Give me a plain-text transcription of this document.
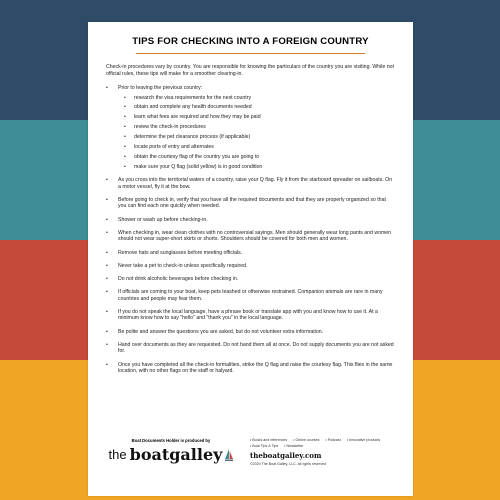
TIPS FOR CHECKING INTO A FOREIGN COUNTRY

Check-in procedures vary by country. You are responsible for knowing the particulars of the country you are visiting. While not official rules, these tips will make for a smoother clearing-in.

• Prior to leaving the previous country:
• research the visa requirements for the next country
• obtain and complete any health documents needed
• learn what fees are required and how they may be paid
• review the check-in procedures
• determine the pet clearance process (if applicable)
• locate ports of entry and alternates
• obtain the courtesy flag of the country you are going to
• make sure your Q flag (solid yellow) is in good condition
• As you cross into the territorial waters of a country, raise your Q flag. Fly it from the starboard spreader on sailboats. On a motor vessel, fly it at the bow.
• Before going to check in, verify that you have all the required documents and that they are properly organized so that you can find each one quickly when needed.
• Shower or wash up before checking-in.
• When checking in, wear clean clothes with no controversial sayings. Men should generally wear long pants and women should not wear super-short skirts or shorts. Shoulders should be covered for both men and women.
• Remove hats and sunglasses before meeting officials.
• Never take a pet to check-in unless specifically required.
• Do not drink alcoholic beverages before checking in.
• If officials are coming to your boat, keep pets leashed or otherwise restrained. Companion animals are rare in many countries and people may fear them.
• If you do not speak the local language, have a phrase book or translate app with you and know how to use it. At a minimum know how to say "hello" and "thank you" in the local language.
• Be polite and answer the questions you are asked, but do not volunteer extra information.
• Hand over documents as they are requested. Do not hand them all at once. Do not supply documents you are not asked for.
• Once you have completed all the check-in formalities, strike the Q flag and raise the courtesy flag. This flies in the same location, with no other flags on the staff or halyard.

Boat Documents Holder is produced by

the boatgalley
• Books and references • Online courses • Podcast • Innovative products
• Boat Tips & Tips • Newsletter
theboatgalley.com
©2020 The Boat Galley, LLC. all rights reserved
